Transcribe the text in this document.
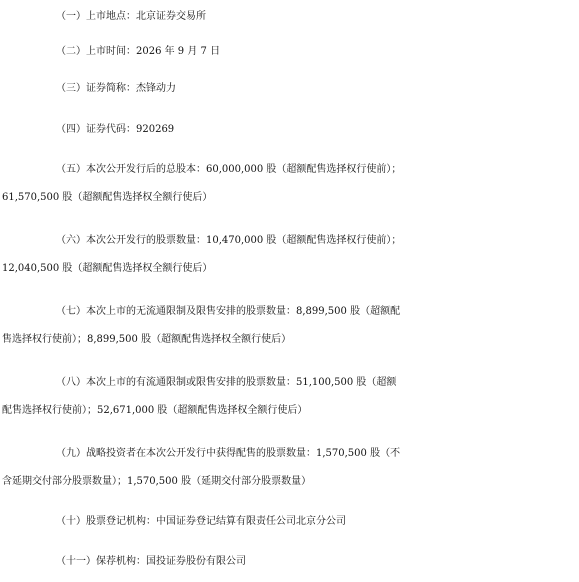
（一）上市地点：北京证券交易所
（二）上市时间：2026 年 9 月 7 日
（三）证券简称：杰锋动力
（四）证券代码：920269
（五）本次公开发行后的总股本：60,000,000 股（超额配售选择权行使前）；
61,570,500 股（超额配售选择权全额行使后）
（六）本次公开发行的股票数量：10,470,000 股（超额配售选择权行使前）；
12,040,500 股（超额配售选择权全额行使后）
（七）本次上市的无流通限制及限售安排的股票数量：8,899,500 股（超额配
售选择权行使前）；8,899,500 股（超额配售选择权全额行使后）
（八）本次上市的有流通限制或限售安排的股票数量：51,100,500 股（超额
配售选择权行使前）；52,671,000 股（超额配售选择权全额行使后）
（九）战略投资者在本次公开发行中获得配售的股票数量：1,570,500 股（不
含延期交付部分股票数量）；1,570,500 股（延期交付部分股票数量）
（十）股票登记机构：中国证券登记结算有限责任公司北京分公司
（十一）保荐机构：国投证券股份有限公司
